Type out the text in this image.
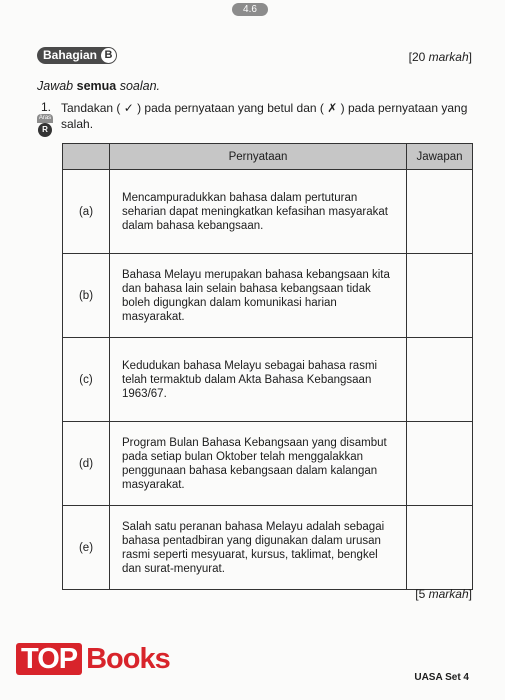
4.6
Bahagian B	[20 markah]
Jawab semua soalan.
1. Tandakan ( ✓ ) pada pernyataan yang betul dan ( ✗ ) pada pernyataan yang salah.
Aras
R
	Pernyataan	Jawapan
(a)	Mencampuradukkan bahasa dalam pertuturan seharian dapat meningkatkan kefasihan masyarakat dalam bahasa kebangsaan.	
(b)	Bahasa Melayu merupakan bahasa kebangsaan kita dan bahasa lain selain bahasa kebangsaan tidak boleh digungkan dalam komunikasi harian masyarakat.	
(c)	Kedudukan bahasa Melayu sebagai bahasa rasmi telah termaktub dalam Akta Bahasa Kebangsaan 1963/67.	
(d)	Program Bulan Bahasa Kebangsaan yang disambut pada setiap bulan Oktober telah menggalakkan penggunaan bahasa kebangsaan dalam kalangan masyarakat.	
(e)	Salah satu peranan bahasa Melayu adalah sebagai bahasa pentadbiran yang digunakan dalam urusan rasmi seperti mesyuarat, kursus, taklimat, bengkel dan surat-menyurat.	
[5 markah]
TOP Books
UASA Set 4
